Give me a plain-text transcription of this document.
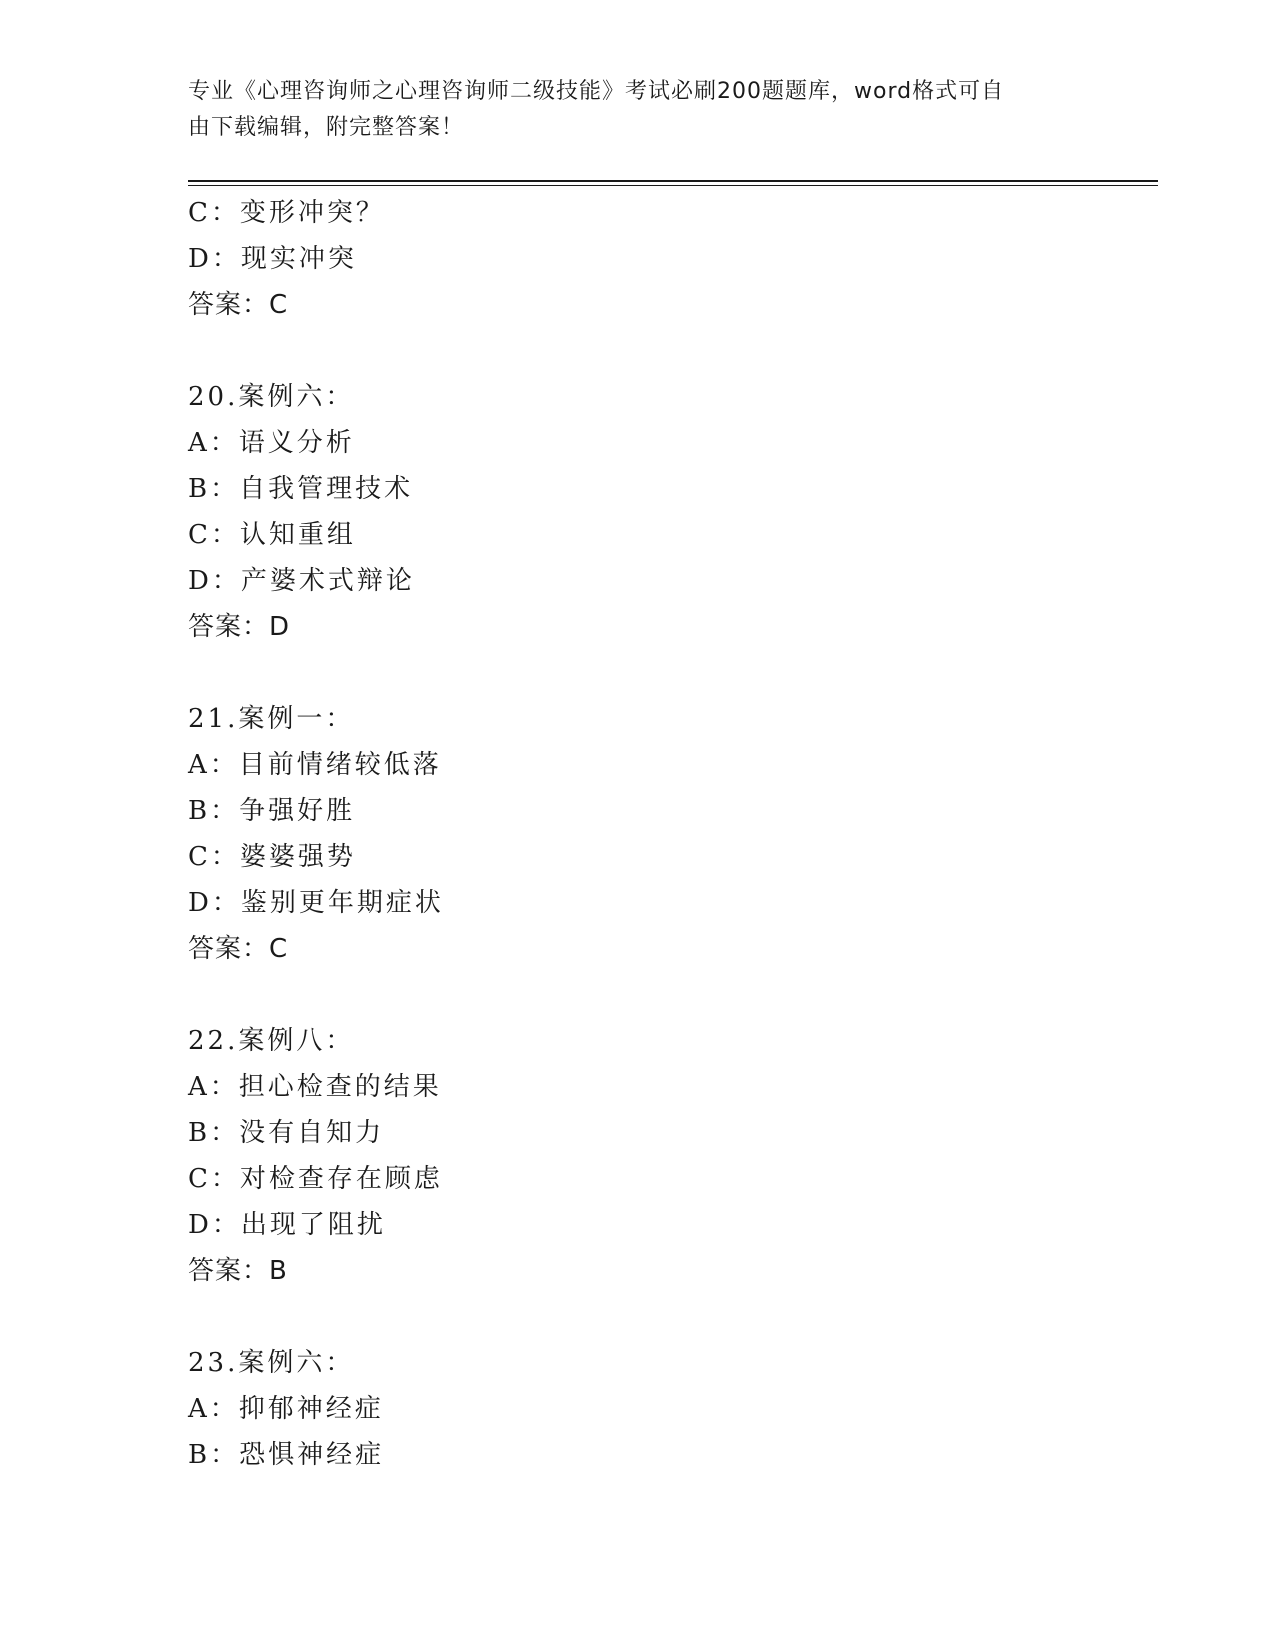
专业《心理咨询师之心理咨询师二级技能》考试必刷200题题库，word格式可自
由下载编辑，附完整答案！
C：变形冲突？
D：现实冲突
答案：C
20.案例六：
A：语义分析
B：自我管理技术
C：认知重组
D：产婆术式辩论
答案：D
21.案例一：
A：目前情绪较低落
B：争强好胜
C：婆婆强势
D：鉴别更年期症状
答案：C
22.案例八：
A：担心检查的结果
B：没有自知力
C：对检查存在顾虑
D：出现了阻扰
答案：B
23.案例六：
A：抑郁神经症
B：恐惧神经症
